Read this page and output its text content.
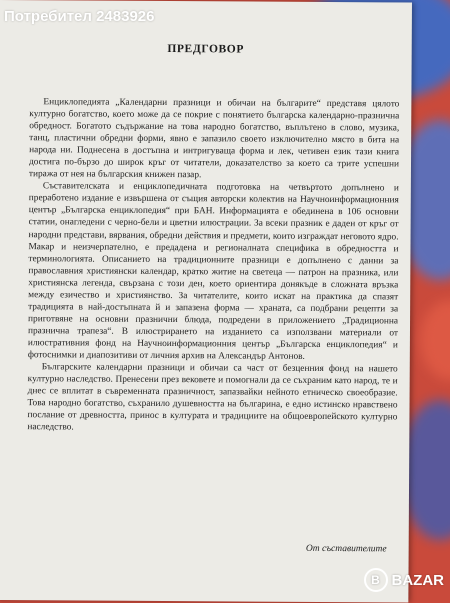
Потребител 2483926
ПРЕДГОВОР

Енциклопедията „Календарни празници и обичаи на българите“ представя цялото културно богатство, което може да се покрие с понятието българска календарно-празнична обредност. Богатото съдържание на това народно богатство, въплътено в слово, музика, танц, пластични обредни форми, явно е запазило своето изключително място в бита на народа ни. Поднесена в достъпна и интригуваща форма и лек, четивен език тази книга достига по-бързо до широк кръг от читатели, доказателство за което са трите успешни тиража от нея на българския книжен пазар.

Съставителската и енциклопедичната подготовка на четвъртото допълнено и преработено издание е извършена от същия авторски колектив на Научноинформационния център „Българска енциклопедия“ при БАН. Информацията е обединена в 106 основни статии, онагледени с черно-бели и цветни илюстрации. За всеки празник е даден от кръг от народни представи, вярвания, обредни действия и предмети, които изграждат неговото ядро. Макар и неизчерпателно, е предадена и регионалната специфика в обредността и терминологията. Описанието на традиционните празници е допълнено с данни за православния християнски календар, кратко житие на светеца — патрон на празника, или християнска легенда, свързана с този ден, което ориентира донякъде в сложната връзка между езичество и християнство. За читателите, които искат на практика да спазят традицията в най-достъпната й и запазена форма — храната, са подбрани рецепти за приготвяне на основни празнични блюда, подредени в приложението „Традиционна празнична трапеза“. В илюстрирането на изданието са използвани материали от илюстративния фонд на Научноинформационния център „Българска енциклопедия“ и фотоснимки и диапозитиви от личния архив на Александър Антонов.

Българските календарни празници и обичаи са част от безценния фонд на нашето културно наследство. Пренесени през вековете и помогнали да се съхраним като народ, те и днес се вплитат в съвременната празничност, запазвайки нейното етническо своеобразие. Това народно богатство, съхранило душевността на българина, е едно истинско нравствено послание от древността, принос в културата и традициите на общоевропейското културно наследство.

От съставителите
B BAZAR
